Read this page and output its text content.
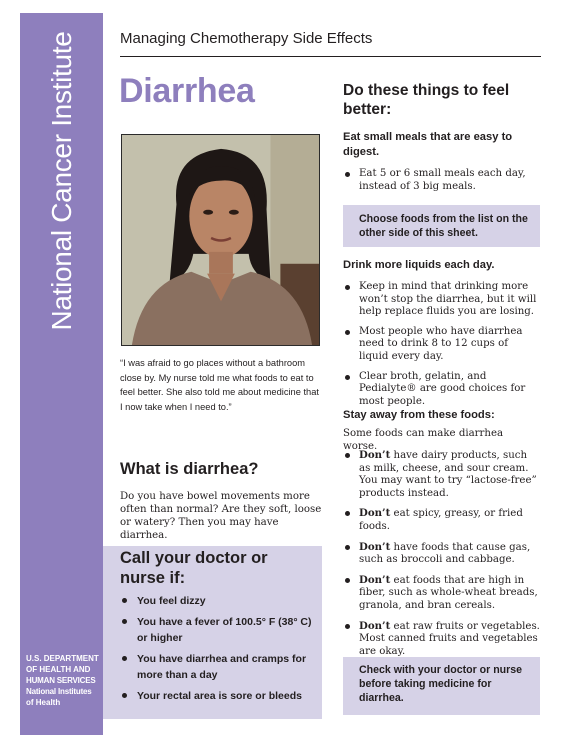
National Cancer Institute
U.S. DEPARTMENT
OF HEALTH AND
HUMAN SERVICES
National Institutes
of Health
Managing Chemotherapy Side Effects
Diarrhea
“I was afraid to go places without a bathroom close by. My nurse told me what foods to eat to feel better. She also told me about medicine that I now take when I need to.”
What is diarrhea?
Do you have bowel movements more often than normal? Are they soft, loose or watery? Then you may have diarrhea.
Call your doctor or nurse if:
You feel dizzy
You have a fever of 100.5° F (38° C) or higher
You have diarrhea and cramps for more than a day
Your rectal area is sore or bleeds
Do these things to feel better:
Eat small meals that are easy to digest.
Eat 5 or 6 small meals each day, instead of 3 big meals.
Choose foods from the list on the other side of this sheet.
Drink more liquids each day.
Keep in mind that drinking more won’t stop the diarrhea, but it will help replace fluids you are losing.
Most people who have diarrhea need to drink 8 to 12 cups of liquid every day.
Clear broth, gelatin, and Pedialyte® are good choices for most people.
Stay away from these foods:
Some foods can make diarrhea worse.
Don’t have dairy products, such as milk, cheese, and sour cream. You may want to try “lactose-free” products instead.
Don’t eat spicy, greasy, or fried foods.
Don’t have foods that cause gas, such as broccoli and cabbage.
Don’t eat foods that are high in fiber, such as whole-wheat breads, granola, and bran cereals.
Don’t eat raw fruits or vegetables. Most canned fruits and vegetables are okay.
Check with your doctor or nurse before taking medicine for diarrhea.
